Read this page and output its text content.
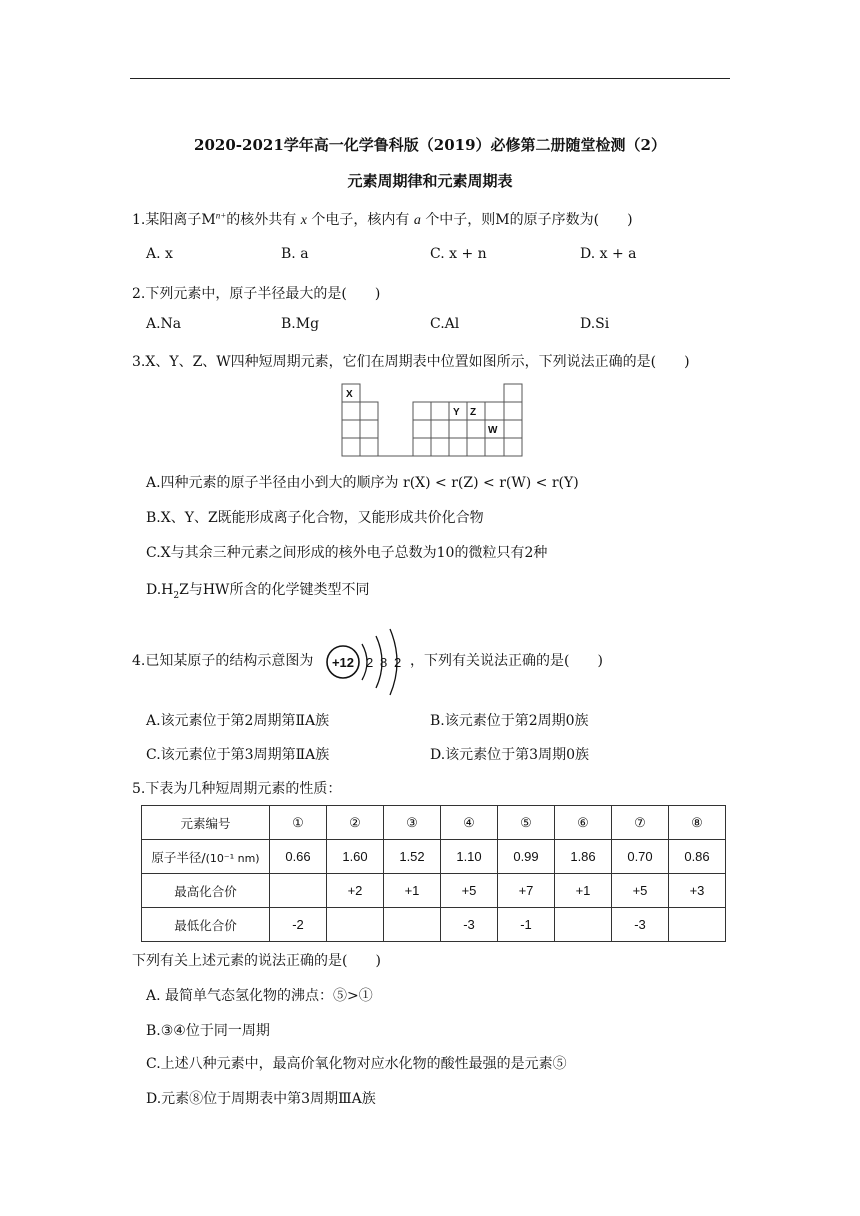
2020-2021学年高一化学鲁科版（2019）必修第二册随堂检测（2）
元素周期律和元素周期表
1.某阳离子$M^{n+}$的核外共有 x 个电子，核内有 a 个中子，则M的原子序数为(　　)
A. x	B. a	C. x + n	D. x + a
2.下列元素中，原子半径最大的是(　　)
A.Na	B.Mg	C.Al	D.Si
3.X、Y、Z、W四种短周期元素，它们在周期表中位置如图所示，下列说法正确的是(　　)
X
Y Z
W
A.四种元素的原子半径由小到大的顺序为 r(X) < r(Z) < r(W) < r(Y)
B.X、Y、Z既能形成离子化合物，又能形成共价化合物
C.X与其余三种元素之间形成的核外电子总数为10的微粒只有2种
$D.H_2Z$与HW所含的化学键类型不同
4.已知某原子的结构示意图为 +12 2 8 2 ，下列有关说法正确的是(　　)
A.该元素位于第2周期第ⅡA族	B.该元素位于第2周期0族
C.该元素位于第3周期第ⅡA族	D.该元素位于第3周期0族
5.下表为几种短周期元素的性质：
元素编号	①	②	③	④	⑤	⑥	⑦	⑧
原子半径/(10⁻¹ nm)	0.66	1.60	1.52	1.10	0.99	1.86	0.70	0.86
最高化合价		+2	+1	+5	+7	+1	+5	+3
最低化合价	-2			-3	-1		-3	
下列有关上述元素的说法正确的是(　　)
A. 最简单气态氢化物的沸点：⑤>①
B.③④位于同一周期
C.上述八种元素中，最高价氧化物对应水化物的酸性最强的是元素⑤
D.元素⑧位于周期表中第3周期ⅢA族
